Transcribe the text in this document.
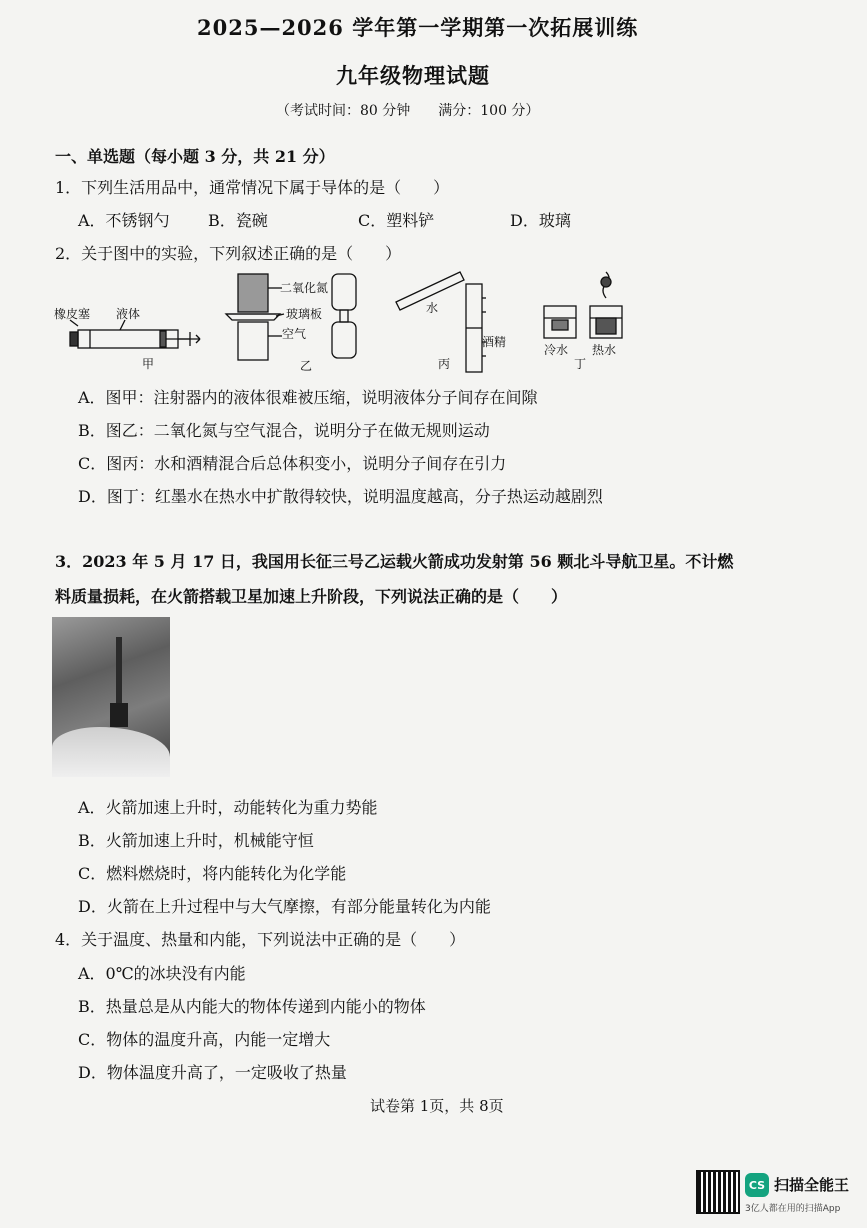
2025—2026 学年第一学期第一次拓展训练
九年级物理试题
（考试时间：80 分钟　　满分：100 分）
一、单选题（每小题 3 分，共 21 分）
1．下列生活用品中，通常情况下属于导体的是（　　）
A．不锈钢勺 B．瓷碗	C．塑料铲	D．玻璃
2．关于图中的实验，下列叙述正确的是（　　）
橡皮塞 液体
甲
二氧化氮
玻璃板
空气
乙
水
酒精
丙
冷水 热水
丁
A．图甲：注射器内的液体很难被压缩，说明液体分子间存在间隙
B．图乙：二氧化氮与空气混合，说明分子在做无规则运动
C．图丙：水和酒精混合后总体积变小，说明分子间存在引力
D．图丁：红墨水在热水中扩散得较快，说明温度越高，分子热运动越剧烈
3．2023 年 5 月 17 日，我国用长征三号乙运载火箭成功发射第 56 颗北斗导航卫星。不计燃
料质量损耗，在火箭搭载卫星加速上升阶段，下列说法正确的是（　　）
A．火箭加速上升时，动能转化为重力势能
B．火箭加速上升时，机械能守恒
C．燃料燃烧时，将内能转化为化学能
D．火箭在上升过程中与大气摩擦，有部分能量转化为内能
4．关于温度、热量和内能，下列说法中正确的是（　　）
A．0℃的冰块没有内能
B．热量总是从内能大的物体传递到内能小的物体
C．物体的温度升高，内能一定增大
D．物体温度升高了，一定吸收了热量
试卷第 1页，共 8页
CS 扫描全能王
3亿人都在用的扫描App
